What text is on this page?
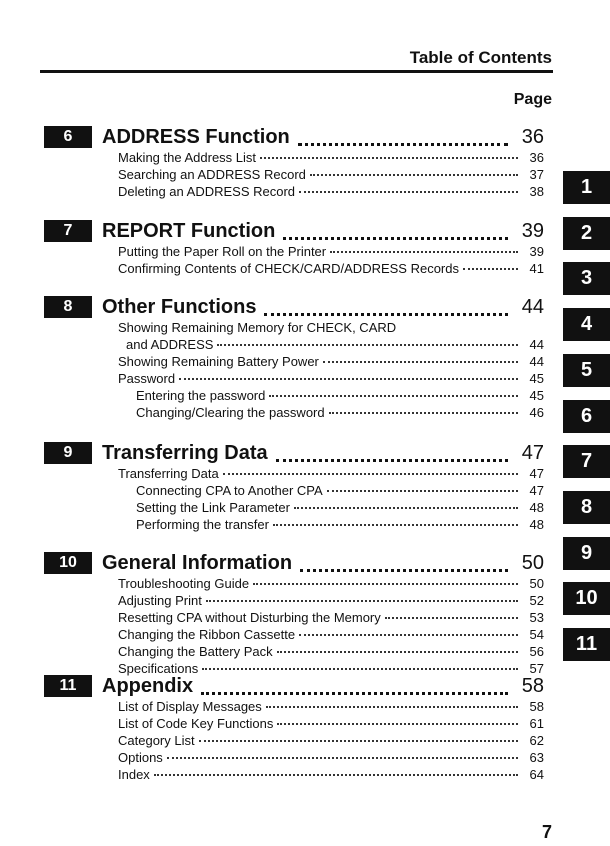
Table of Contents
Page
6	ADDRESS Function	36
Making the Address List	36
Searching an ADDRESS Record	37
Deleting an ADDRESS Record	38
7	REPORT Function	39
Putting the Paper Roll on the Printer	39
Confirming Contents of CHECK/CARD/ADDRESS Records	41
8	Other Functions	44
Showing Remaining Memory for CHECK, CARD
and ADDRESS	44
Showing Remaining Battery Power	44
Password	45
Entering the password	45
Changing/Clearing the password	46
9	Transferring Data	47
Transferring Data	47
Connecting CPA to Another CPA	47
Setting the Link Parameter	48
Performing the transfer	48
10	General Information	50
Troubleshooting Guide	50
Adjusting Print	52
Resetting CPA without Disturbing the Memory	53
Changing the Ribbon Cassette	54
Changing the Battery Pack	56
Specifications	57
11	Appendix	58
List of Display Messages	58
List of Code Key Functions	61
Category List	62
Options	63
Index	64
1
2
3
4
5
6
7
8
9
10
11
7
